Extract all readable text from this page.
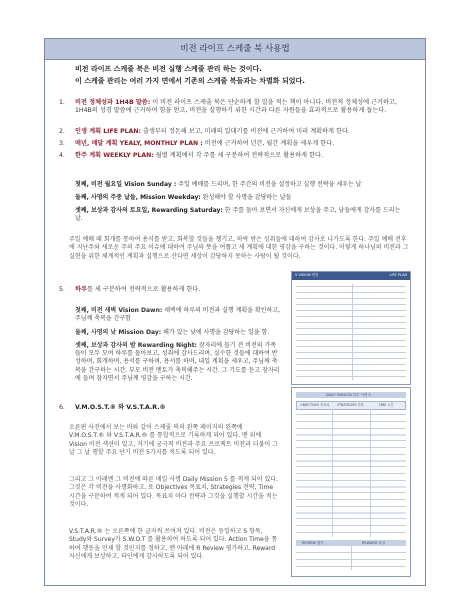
비전 라이프 스케줄 북 사용법
비전 라이프 스케줄 북은 비전 실행 스케줄 관리 하는 것이다.
이 스케줄 관리는 여러 가지 면에서 기존의 스케줄 북들과는 차별화 되었다.
1.	비전 정체성과 1H4B 말씀: 이 비전 라이프 스케줄 북은 단순하게 할 일을 적는 책이 아니다. 비전적 정체성에 근거하고, 1H4B의 성경 말씀에 근거하여 힘을 얻고, 비전을 실행하기 위한 시간과 다른 자원들을 효과적으로 활용하게 돕는다.
2.	인생 계획 LIFE PLAN: 출생부터 정돈해 보고, 미래의 일대기를 비전에 근거하여 미리 계획하게 한다.
3.	매년, 매달 계획 YEALY, MONTHLY PLAN : 비전에 근거하여 년간, 월간 계획을 세우게 한다.
4.	한주 계획 WEEKLY PLAN: 월별 계획에서 각 주를 세 구분하여 전략적으로 활용하게 한다.
첫째, 비전 월요일 Vision Sunday : 주일 예배를 드리며, 한 주간의 비전을 설정하고 실행 전략을 세우는 날
둘째, 사명의 주중 날들, Mission Weekday: 완성해야 할 사명을 감당하는 날들
셋째, 보상과 감사의 토요일, Rewarding Saturday: 한 주를 돌아 보면서 자신에게 보상을 주고, 남들에게 감사를 드리는 날.
주일 예배 때 회개를 통하여 용서를 받고, 회복할 것들을 챙기고, 하락 받은 성취들에 대하여 감사로 나가도록 한다. 주일 예배 전후에 지난주와 새로운 주의 주요 이슈에 대하여 주님의 뜻을 여쭙고 새 계획에 대한 영감을 구하는 것이다. 이렇게 하나님의 비전과 그 실현을 위한 체계적인 계획과 실행으로 산다면 세상이 감당하지 못하는 사람이 될 것이다.
5.	하루를 세 구분하여 전략적으로 활용하게 한다.
첫째, 비전 새벽 Vision Dawn: 새벽에 하루의 비전과 실행 계획을 확인하고, 주님께 축복을 간구함
둘째, 사명의 낮 Mission Day: 해가 있는 낮에 사명을 감당하는 일을 함.
셋째, 보상과 감사의 밤 Rewarding Night: 잠자리에 들기 전 비전의 가족들이 모두 모여 하루를 돌아보고, 성취에 감사드리며, 실수한 것들에 대하여 반성하며, 회개하며, 용서를 구하며, 용서를 하며, 내일 계획을 세우고, 주님께 축복을 간구하는 시간. 부모 비전 멘토가 축복해주는 시간. 그 기도를 듣고 잠자리에 들며 잠자면서 주님께 영감을 구하는 시간.
6.	V.M.O.S.T.® 와 V.S.T.A.R.®
오른편 사진에서 보는 바와 같이 스케줄 북의 왼쪽 페이지의 왼쪽에 V.M.O.S.T.® 와 V.S.T.A.R.® 를 통합적으로 기록하게 되어 있다. 맨 위에 Vision 비전 섹션이 있고, 거기에 궁극적 비전과 주요 프로젝트 비전과 더불어 그날 그 날 행할 주요 단기 비전 5가지를 적도록 되어 있다.
그리고 그 아래엔 그 비전에 따른 매일 사명 Daily Mission 5 를 적게 되어 있다. 그것은 각 비전을 사명화하고, 또 Objectives 목표치, Strategies 전략, Time 시간을 구분하여 적게 되어 있다. 목표치 마다 전략과 그것을 실행할 시간을 적는 것이다.
V.S.T.A.R.® 는 오른쪽에 한 글자씩 쓰여져 있다. 비전은 동일하고 S 항목, Study와 Survey가 S.W.O.T 를 활용하여 하도록 되어 있다. Action Time을 통하여 행동을 언제 할 것인지를 정하고, 맨 아래에 R Review 평가하고, Reward 자신에게 보상하고, 타인에게 감사하도록 되어 있다.
V VISION 비전	LIFE PLAN
DAILY MISSION 하루 사명 5
OBJECTIVES 목표치 STRATEGIES 전략	TIME 시간
REVIEW 평가	REWARD 보상
